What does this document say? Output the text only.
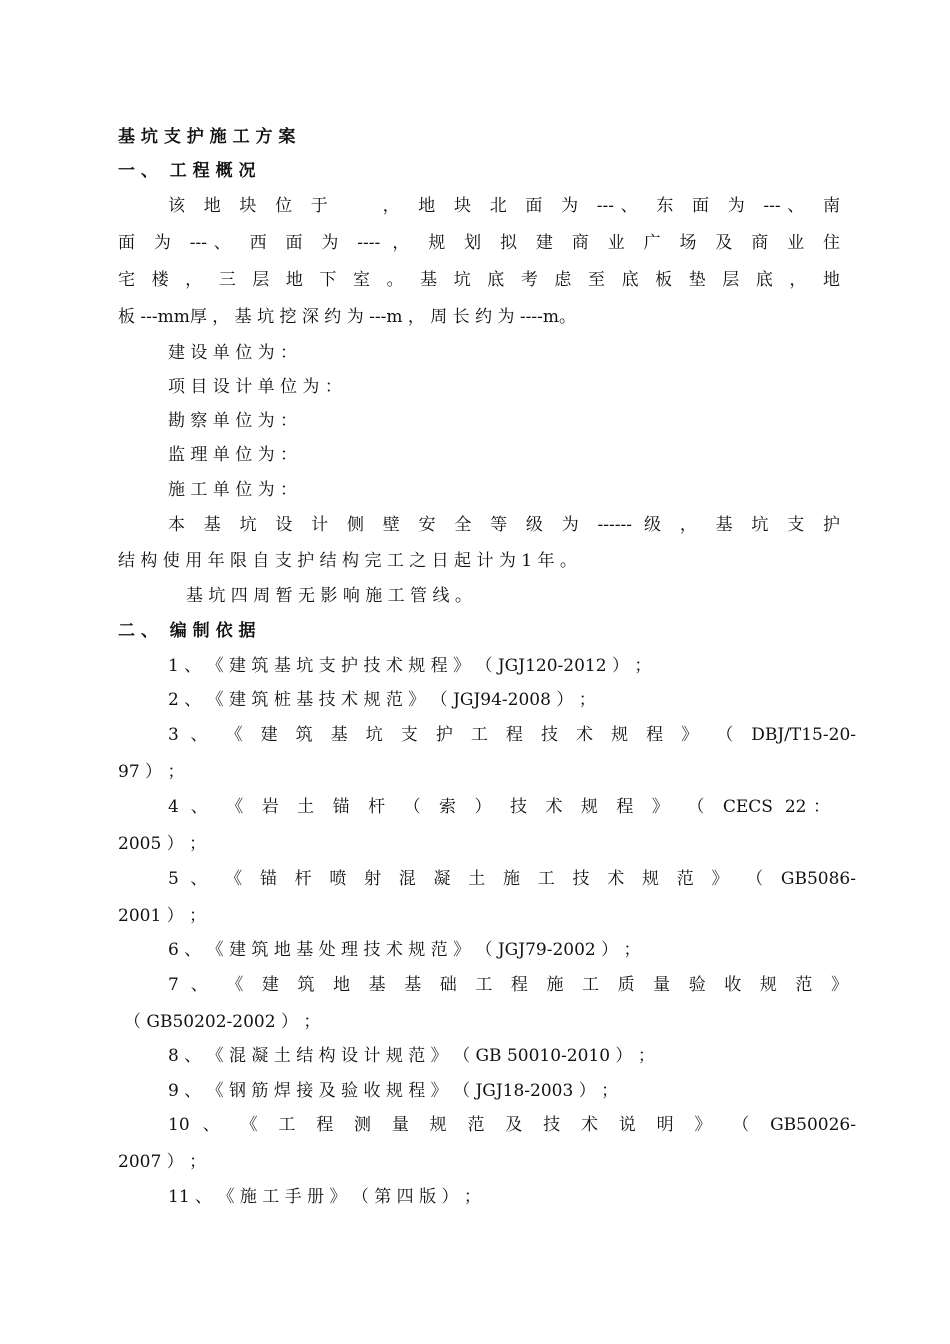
基 坑 支 护 施 工 方 案
一 、  工 程 概 况
该 地 块 位 于    ， 地 块 北 面 为 ---、 东 面 为 ---、 南
面 为 ---、 西 面 为 ---- ， 规 划 拟 建 商 业 广 场 及 商 业 住
宅 楼 ， 三 层 地 下 室 。 基 坑 底 考 虑 至 底 板 垫 层 底 ， 地
板 ---mm厚 ， 基 坑 挖 深 约 为 ---m ， 周 长 约 为 ----m。
建 设 单 位 为 ：
项 目 设 计 单 位 为 ：
勘 察 单 位 为 ：
监 理 单 位 为 ：
施 工 单 位 为 ：
本 基 坑 设 计 侧 壁 安 全 等 级 为 ------ 级 ， 基 坑 支 护
结 构 使 用 年 限 自 支 护 结 构 完 工 之 日 起 计 为 1 年 。
基 坑 四 周 暂 无 影 响 施 工 管 线 。
二 、  编 制 依 据
1 、 《 建 筑 基 坑 支 护 技 术 规 程 》 （ JGJ120-2012 ） ；
2 、 《 建 筑 桩 基 技 术 规 范 》 （ JGJ94-2008 ） ；
3 、 《 建 筑 基 坑 支 护 工 程 技 术 规 程 》 （ DBJ/T15-20-
97 ） ；
4 、 《 岩 土 锚 杆 （ 索 ） 技 术 规 程 》 （ CECS 22：
2005 ） ；
5 、 《 锚 杆 喷 射 混 凝 土 施 工 技 术 规 范 》 （ GB5086-
2001 ） ；
6 、 《 建 筑 地 基 处 理 技 术 规 范 》 （ JGJ79-2002 ） ；
7 、 《 建 筑 地 基 基 础 工 程 施 工 质 量 验 收 规 范 》
（ GB50202-2002 ） ；
8 、 《 混 凝 土 结 构 设 计 规 范 》 （ GB 50010-2010 ） ；
9 、 《 钢 筋 焊 接 及 验 收 规 程 》 （ JGJ18-2003 ） ；
10 、 《 工 程 测 量 规 范 及 技 术 说 明 》 （ GB50026-
2007 ） ；
11 、 《 施 工 手 册 》 （ 第 四 版 ） ；
